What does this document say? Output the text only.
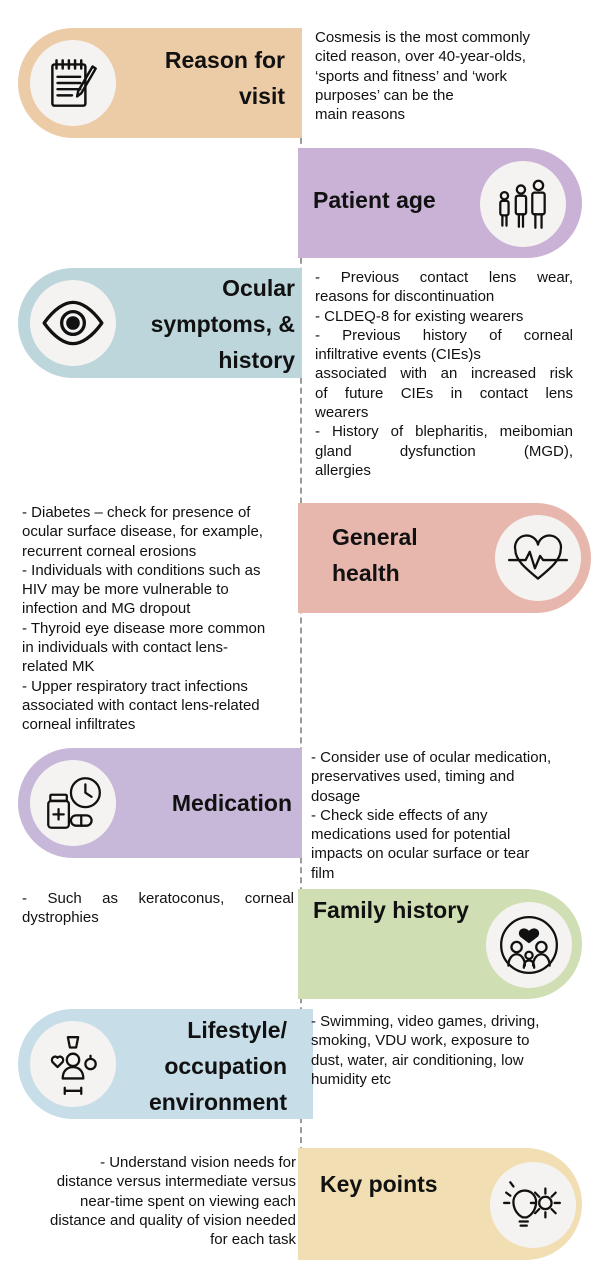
Reason for
visit
Cosmesis is the most commonly
cited reason, over 40-year-olds,
‘sports and fitness’ and ‘work
purposes’ can be the
main reasons
Patient age
Ocular
symptoms, &
history
- Previous contact lens wear,
reasons for discontinuation
- CLDEQ-8 for existing wearers
- Previous history of corneal
infiltrative events (CIEs)s
associated with an increased risk
of future CIEs in contact lens
wearers
- History of blepharitis, meibomian
gland dysfunction (MGD),
allergies
- Diabetes – check for presence of
ocular surface disease, for example,
recurrent corneal erosions
- Individuals with conditions such as
HIV may be more vulnerable to
infection and MG dropout
- Thyroid eye disease more common
in individuals with contact lens-
related MK
- Upper respiratory tract infections
associated with contact lens-related
corneal infiltrates
General
health
Medication
- Consider use of ocular medication,
preservatives used, timing and
dosage
- Check side effects of any
medications used for potential
impacts on ocular surface or tear
film
- Such as keratoconus, corneal
dystrophies	Family history
Lifestyle/
occupation
environment
- Swimming, video games, driving,
smoking, VDU work, exposure to
dust, water, air conditioning, low
humidity etc
- Understand vision needs for
distance versus intermediate versus
near-time spent on viewing each
distance and quality of vision needed
for each task
Key points
